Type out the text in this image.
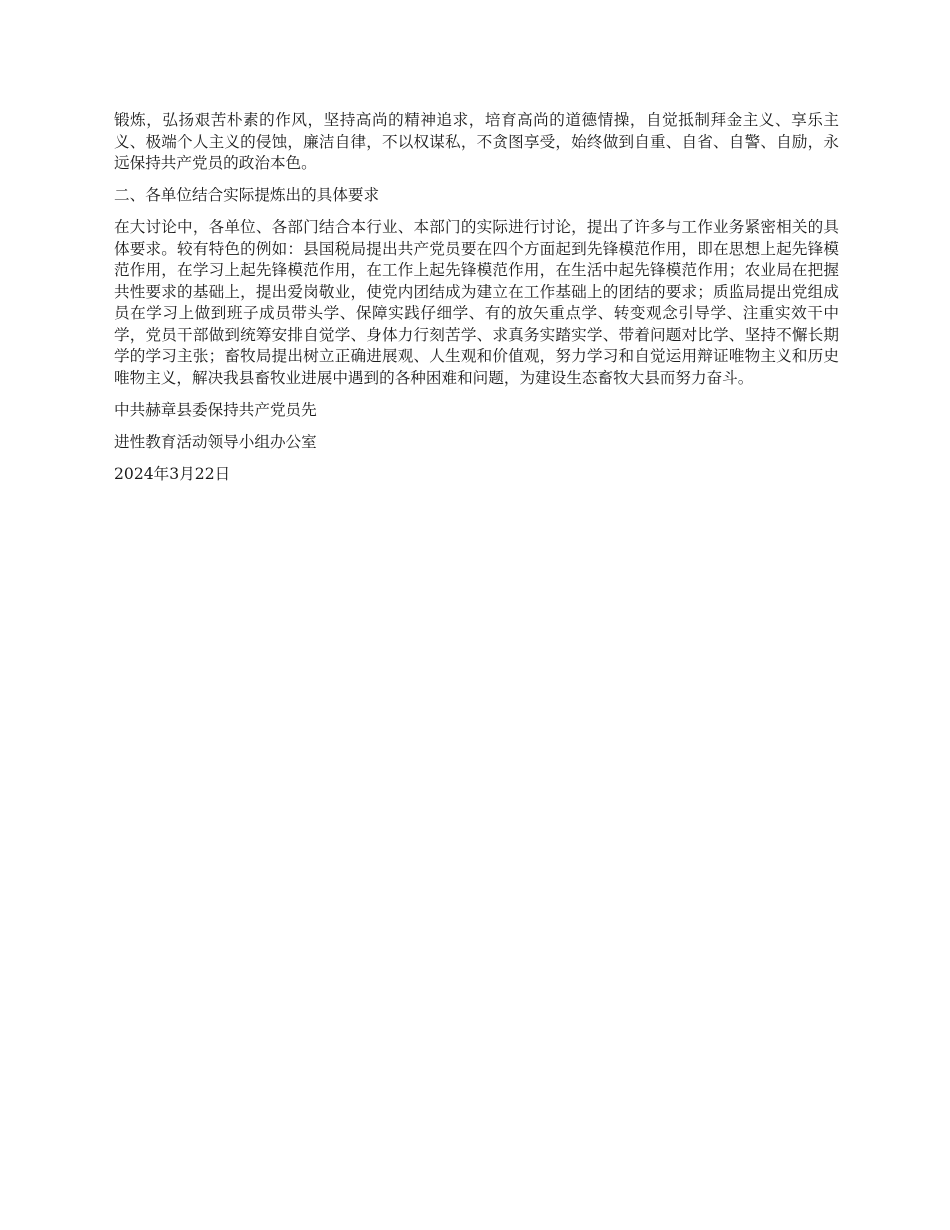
锻炼，弘扬艰苦朴素的作风，坚持高尚的精神追求，培育高尚的道德情操，自觉抵制拜金主义、享乐主义、极端个人主义的侵蚀，廉洁自律，不以权谋私，不贪图享受，始终做到自重、自省、自警、自励，永远保持共产党员的政治本色。

二、各单位结合实际提炼出的具体要求

在大讨论中，各单位、各部门结合本行业、本部门的实际进行讨论，提出了许多与工作业务紧密相关的具体要求。较有特色的例如：县国税局提出共产党员要在四个方面起到先锋模范作用，即在思想上起先锋模范作用，在学习上起先锋模范作用，在工作上起先锋模范作用，在生活中起先锋模范作用；农业局在把握共性要求的基础上，提出爱岗敬业，使党内团结成为建立在工作基础上的团结的要求；质监局提出党组成员在学习上做到班子成员带头学、保障实践仔细学、有的放矢重点学、转变观念引导学、注重实效干中学，党员干部做到统筹安排自觉学、身体力行刻苦学、求真务实踏实学、带着问题对比学、坚持不懈长期学的学习主张；畜牧局提出树立正确进展观、人生观和价值观，努力学习和自觉运用辩证唯物主义和历史唯物主义，解决我县畜牧业进展中遇到的各种困难和问题，为建设生态畜牧大县而努力奋斗。

中共赫章县委保持共产党员先

进性教育活动领导小组办公室

2024年3月22日
